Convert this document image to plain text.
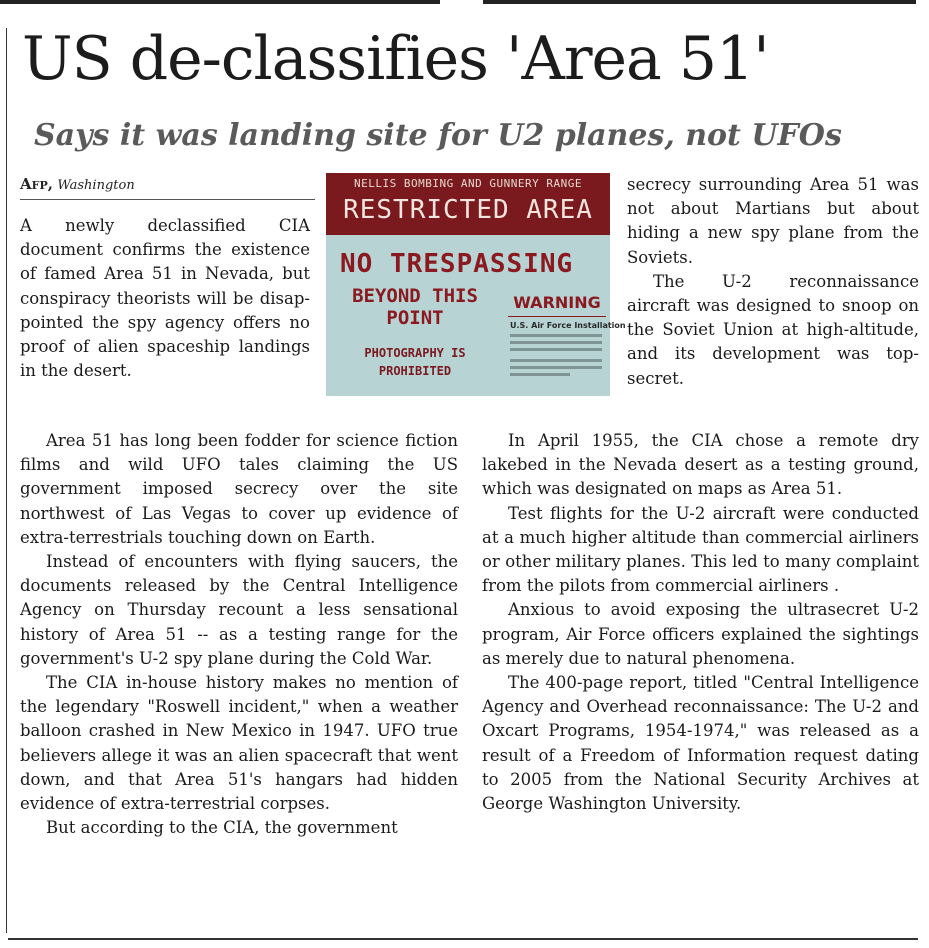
US de-classifies 'Area 51'
Says it was landing site for U2 planes, not UFOs
Afp, Washington

A newly declassified CIA document confirms the existence of famed Area 51 in Nevada, but conspiracy theorists will be disappointed the spy agency offers no proof of alien spaceship landings in the desert.

NELLIS BOMBING AND GUNNERY RANGE
RESTRICTED AREA
NO TRESPASSING
BEYOND THIS
POINT
PHOTOGRAPHY IS
PROHIBITED
WARNING
U.S. Air Force Installation

Area 51 has long been fodder for science fiction films and wild UFO tales claiming the US government imposed secrecy over the site northwest of Las Vegas to cover up evidence of extra-terrestrials touching down on Earth.

Instead of encounters with flying saucers, the documents released by the Central Intelligence Agency on Thursday recount a less sensational history of Area 51 -- as a testing range for the government's U-2 spy plane during the Cold War.

The CIA in-house history makes no mention of the legendary "Roswell incident," when a weather balloon crashed in New Mexico in 1947. UFO true believers allege it was an alien spacecraft that went down, and that Area 51's hangars had hidden evidence of extra-terrestrial corpses.

But according to the CIA, the government

secrecy surrounding Area 51 was not about Martians but about hiding a new spy plane from the Soviets.

The U-2 reconnaissance aircraft was designed to snoop on the Soviet Union at high-altitude, and its development was top-secret.

In April 1955, the CIA chose a remote dry lakebed in the Nevada desert as a testing ground, which was designated on maps as Area 51.

Test flights for the U-2 aircraft were conducted at a much higher altitude than commercial airliners or other military planes. This led to many complaint from the pilots from commercial airliners .

Anxious to avoid exposing the ultrasecret U-2 program, Air Force officers explained the sightings as merely due to natural phenomena.

The 400-page report, titled "Central Intelligence Agency and Overhead reconnaissance: The U-2 and Oxcart Programs, 1954-1974," was released as a result of a Freedom of Information request dating to 2005 from the National Security Archives at George Washington University.
